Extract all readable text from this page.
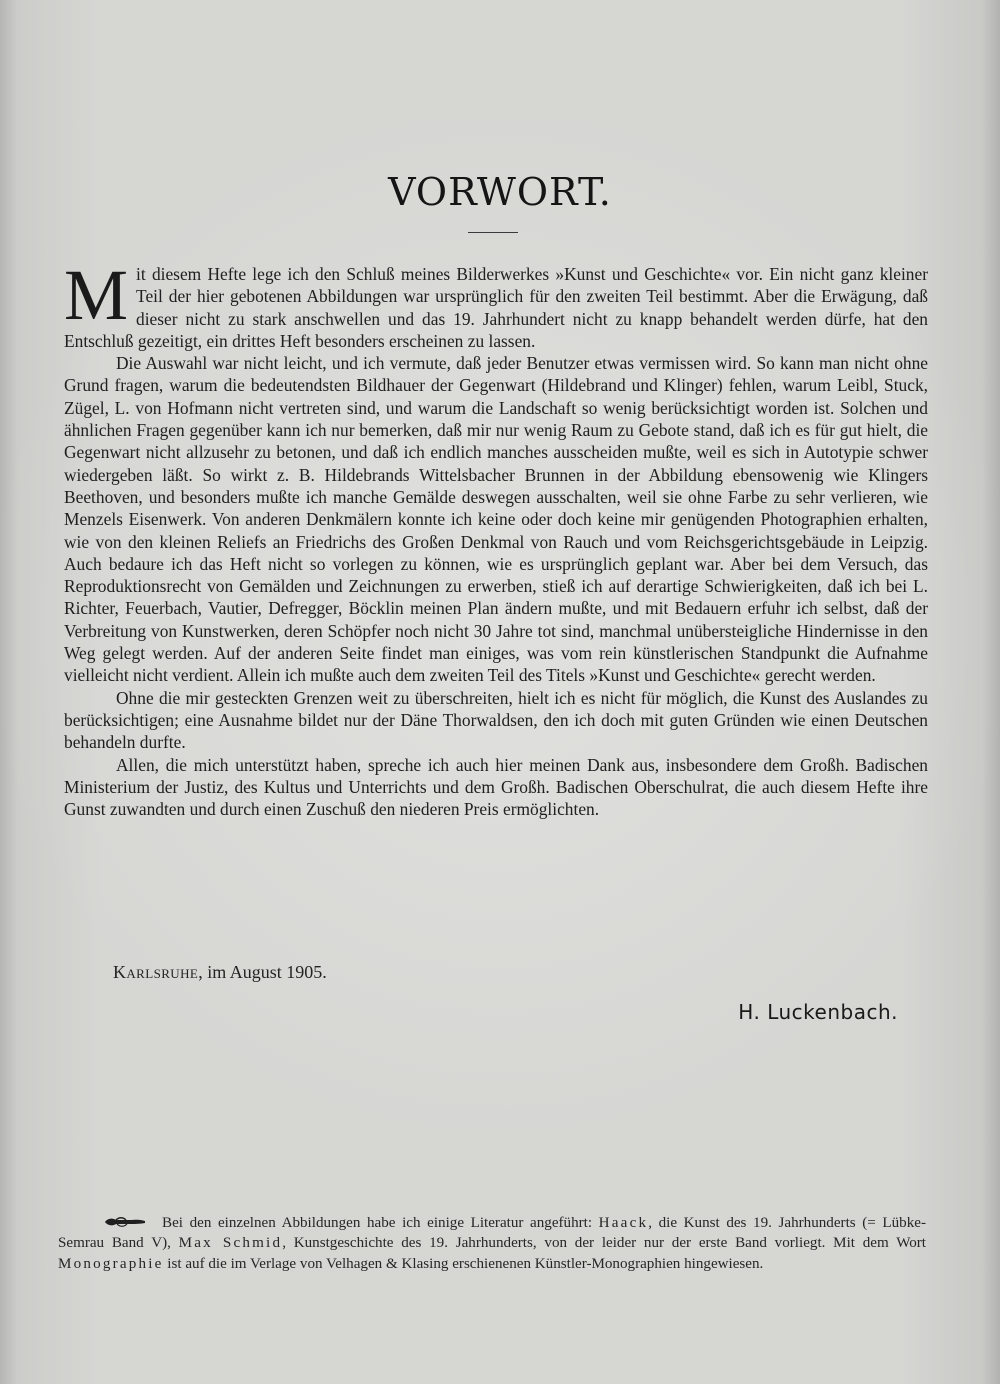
VORWORT.

Mit diesem Hefte lege ich den Schluß meines Bilderwerkes »Kunst und Geschichte« vor. Ein nicht ganz kleiner Teil der hier gebotenen Abbildungen war ursprünglich für den zweiten Teil bestimmt. Aber die Erwägung, daß dieser nicht zu stark anschwellen und das 19. Jahrhundert nicht zu knapp behandelt werden dürfe, hat den Entschluß gezeitigt, ein drittes Heft besonders erscheinen zu lassen.

Die Auswahl war nicht leicht, und ich vermute, daß jeder Benutzer etwas vermissen wird. So kann man nicht ohne Grund fragen, warum die bedeutendsten Bildhauer der Gegenwart (Hildebrand und Klinger) fehlen, warum Leibl, Stuck, Zügel, L. von Hofmann nicht vertreten sind, und warum die Landschaft so wenig berücksichtigt worden ist. Solchen und ähnlichen Fragen gegenüber kann ich nur bemerken, daß mir nur wenig Raum zu Gebote stand, daß ich es für gut hielt, die Gegenwart nicht allzusehr zu betonen, und daß ich endlich manches ausscheiden mußte, weil es sich in Autotypie schwer wiedergeben läßt. So wirkt z. B. Hildebrands Wittelsbacher Brunnen in der Abbildung ebensowenig wie Klingers Beethoven, und besonders mußte ich manche Gemälde deswegen ausschalten, weil sie ohne Farbe zu sehr verlieren, wie Menzels Eisenwerk. Von anderen Denkmälern konnte ich keine oder doch keine mir genügenden Photographien erhalten, wie von den kleinen Reliefs an Friedrichs des Großen Denkmal von Rauch und vom Reichsgerichtsgebäude in Leipzig. Auch bedaure ich das Heft nicht so vorlegen zu können, wie es ursprünglich geplant war. Aber bei dem Versuch, das Reproduktionsrecht von Gemälden und Zeichnungen zu erwerben, stieß ich auf derartige Schwierigkeiten, daß ich bei L. Richter, Feuerbach, Vautier, Defregger, Böcklin meinen Plan ändern mußte, und mit Bedauern erfuhr ich selbst, daß der Verbreitung von Kunstwerken, deren Schöpfer noch nicht 30 Jahre tot sind, manchmal unübersteigliche Hindernisse in den Weg gelegt werden. Auf der anderen Seite findet man einiges, was vom rein künstlerischen Standpunkt die Aufnahme vielleicht nicht verdient. Allein ich mußte auch dem zweiten Teil des Titels »Kunst und Geschichte« gerecht werden.

Ohne die mir gesteckten Grenzen weit zu überschreiten, hielt ich es nicht für möglich, die Kunst des Auslandes zu berücksichtigen; eine Ausnahme bildet nur der Däne Thorwaldsen, den ich doch mit guten Gründen wie einen Deutschen behandeln durfte.

Allen, die mich unterstützt haben, spreche ich auch hier meinen Dank aus, insbesondere dem Großh. Badischen Ministerium der Justiz, des Kultus und Unterrichts und dem Großh. Badischen Oberschulrat, die auch diesem Hefte ihre Gunst zuwandten und durch einen Zuschuß den niederen Preis ermöglichten.

Karlsruhe, im August 1905.
H. Luckenbach.
Bei den einzelnen Abbildungen habe ich einige Literatur angeführt: Haack, die Kunst des 19. Jahrhunderts (= Lübke-Semrau Band V), Max Schmid, Kunstgeschichte des 19. Jahrhunderts, von der leider nur der erste Band vorliegt. Mit dem Wort Monographie ist auf die im Verlage von Velhagen & Klasing erschienenen Künstler-Monographien hingewiesen.
